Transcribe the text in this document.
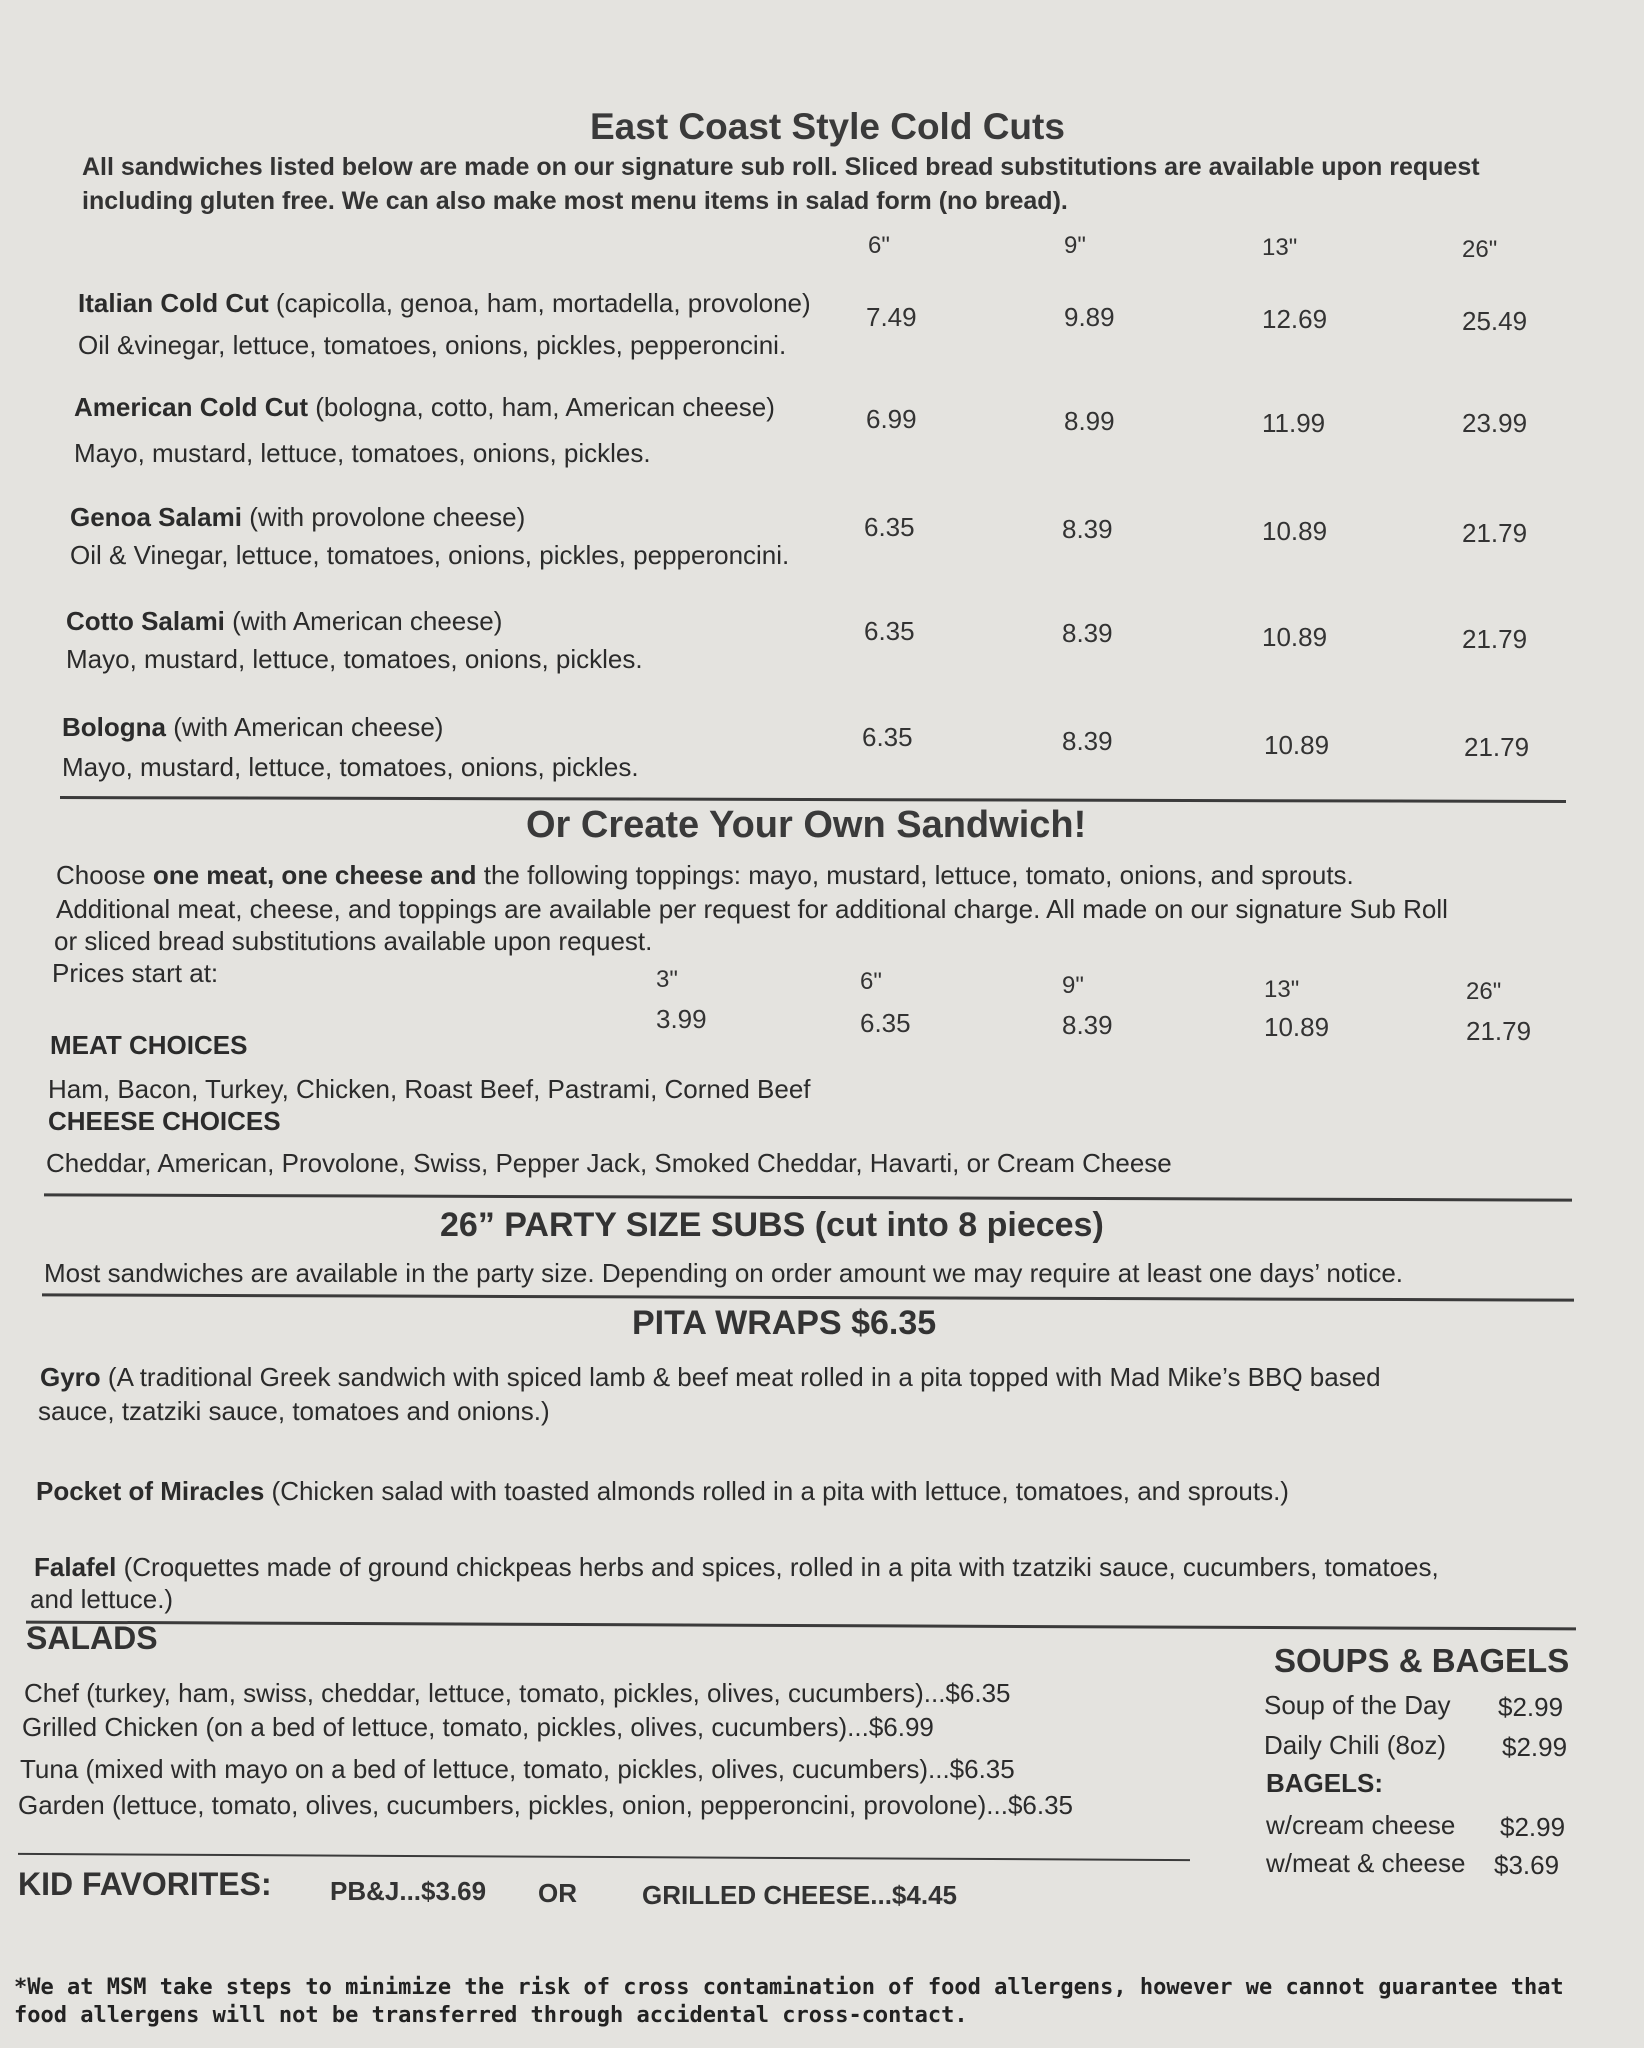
East Coast Style Cold Cuts
All sandwiches listed below are made on our signature sub roll. Sliced bread substitutions are available upon request including gluten free. We can also make most menu items in salad form (no bread).
6"	9"	13"	26"
Italian Cold Cut (capicolla, genoa, ham, mortadella, provolone)
Oil &vinegar, lettuce, tomatoes, onions, pickles, pepperoncini.
7.49	9.89	12.69	25.49
American Cold Cut (bologna, cotto, ham, American cheese)
Mayo, mustard, lettuce, tomatoes, onions, pickles.
6.99	8.99	11.99	23.99
Genoa Salami (with provolone cheese)
Oil & Vinegar, lettuce, tomatoes, onions, pickles, pepperoncini.
6.35	8.39	10.89	21.79
Cotto Salami (with American cheese)
Mayo, mustard, lettuce, tomatoes, onions, pickles.
6.35	8.39	10.89	21.79
Bologna (with American cheese)
Mayo, mustard, lettuce, tomatoes, onions, pickles.
6.35	8.39	10.89	21.79
Or Create Your Own Sandwich!
Choose one meat, one cheese and the following toppings: mayo, mustard, lettuce, tomato, onions, and sprouts.
Additional meat, cheese, and toppings are available per request for additional charge. All made on our signature Sub Roll
or sliced bread substitutions available upon request.
Prices start at:	3"	6"	9"	13"	26"
3.99	6.35	8.39	10.89	21.79
MEAT CHOICES
Ham, Bacon, Turkey, Chicken, Roast Beef, Pastrami, Corned Beef
CHEESE CHOICES
Cheddar, American, Provolone, Swiss, Pepper Jack, Smoked Cheddar, Havarti, or Cream Cheese
26” PARTY SIZE SUBS (cut into 8 pieces)
Most sandwiches are available in the party size. Depending on order amount we may require at least one days’ notice.
PITA WRAPS $6.35
Gyro (A traditional Greek sandwich with spiced lamb & beef meat rolled in a pita topped with Mad Mike’s BBQ based
sauce, tzatziki sauce, tomatoes and onions.)
Pocket of Miracles (Chicken salad with toasted almonds rolled in a pita with lettuce, tomatoes, and sprouts.)
Falafel (Croquettes made of ground chickpeas herbs and spices, rolled in a pita with tzatziki sauce, cucumbers, tomatoes,
and lettuce.)
SALADS
Chef (turkey, ham, swiss, cheddar, lettuce, tomato, pickles, olives, cucumbers)...$6.35
Grilled Chicken (on a bed of lettuce, tomato, pickles, olives, cucumbers)...$6.99
Tuna (mixed with mayo on a bed of lettuce, tomato, pickles, olives, cucumbers)...$6.35
Garden (lettuce, tomato, olives, cucumbers, pickles, onion, pepperoncini, provolone)...$6.35
SOUPS & BAGELS
Soup of the Day $2.99
Daily Chili (8oz) $2.99
BAGELS:
w/cream cheese $2.99
w/meat & cheese $3.69
KID FAVORITES: PB&J...$3.69 OR	GRILLED CHEESE...$4.45
*We at MSM take steps to minimize the risk of cross contamination of food allergens, however we cannot guarantee that food allergens will not be transferred through accidental cross-contact.
